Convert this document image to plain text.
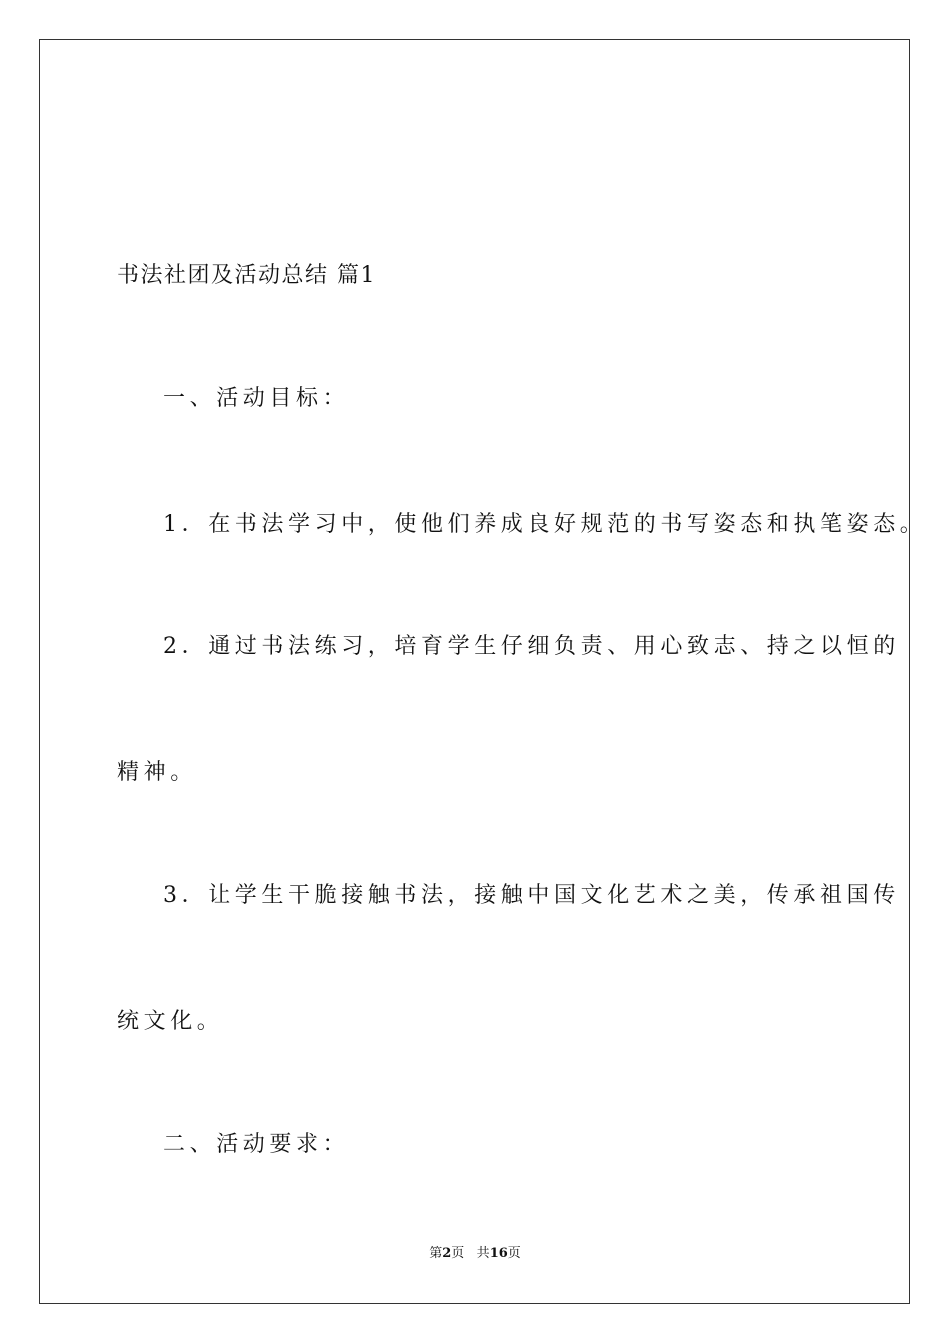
书法社团及活动总结 篇1
一、活动目标：
1．在书法学习中，使他们养成良好规范的书写姿态和执笔姿态。
2．通过书法练习，培育学生仔细负责、用心致志、持之以恒的
精神。
3．让学生干脆接触书法，接触中国文化艺术之美，传承祖国传
统文化。
二、活动要求：
第2页 共16页
